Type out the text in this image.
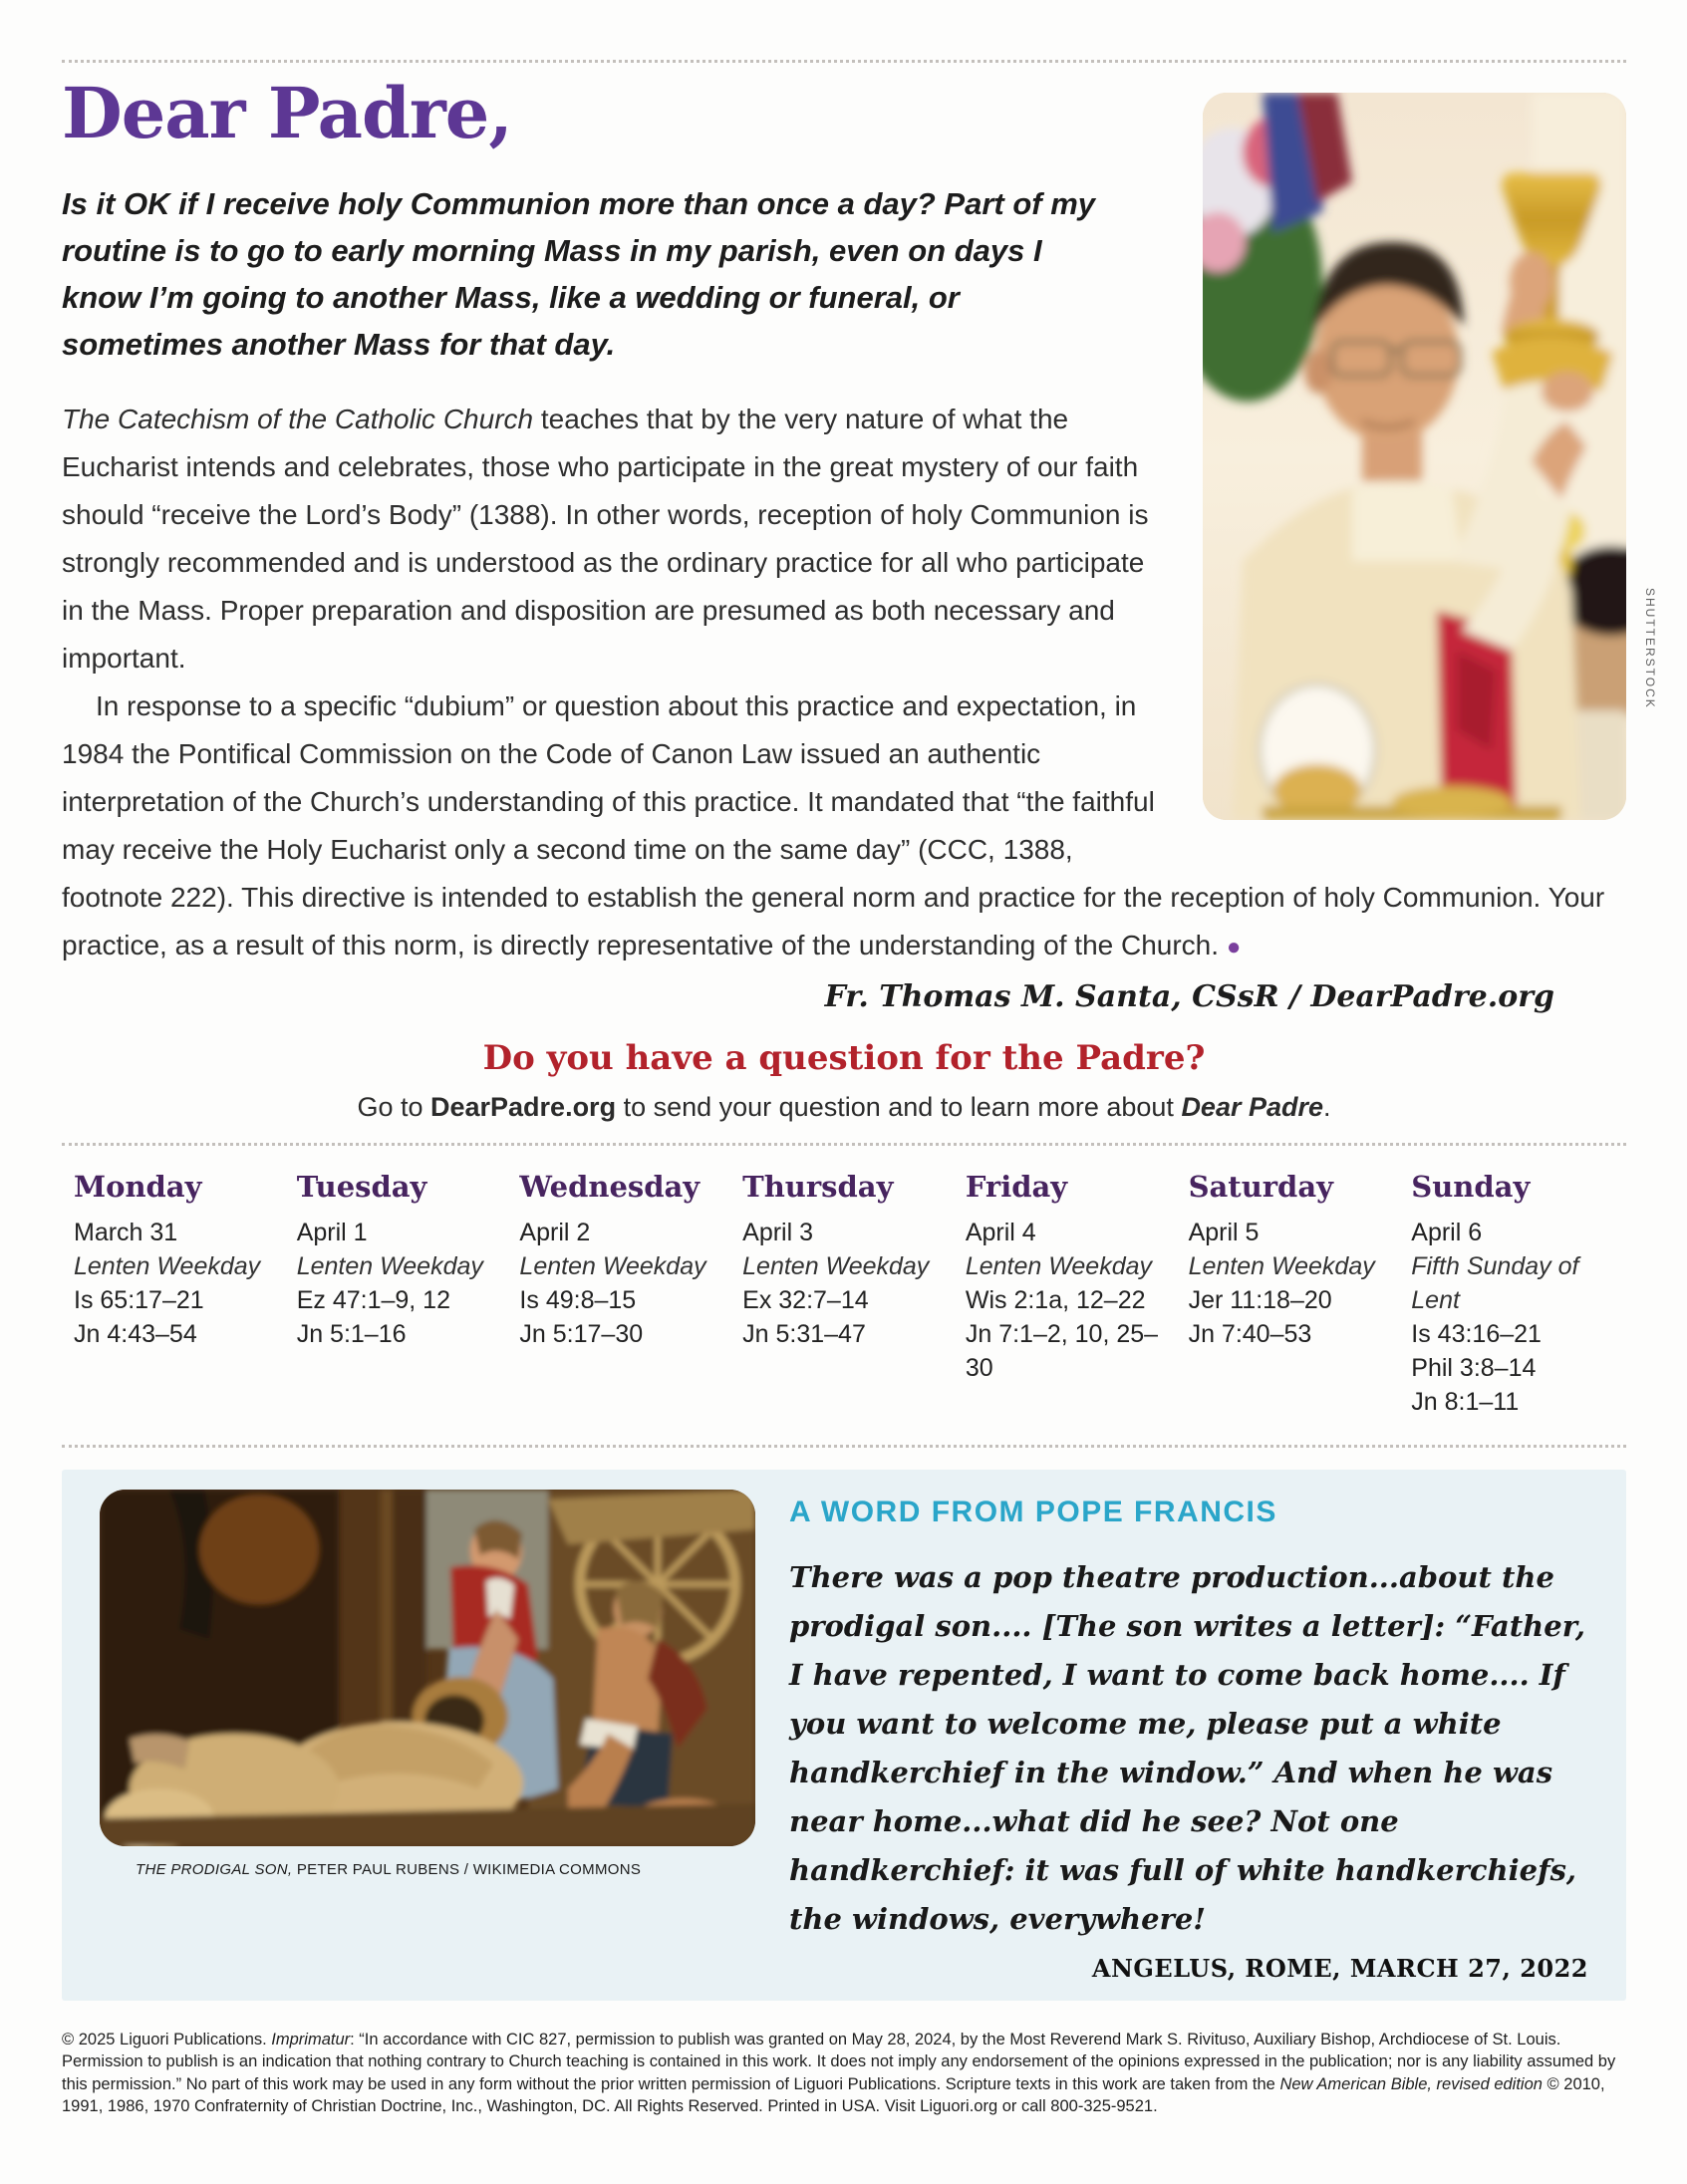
Dear Padre,
Is it OK if I receive holy Communion more than once a day? Part of my routine is to go to early morning Mass in my parish, even on days I know I’m going to another Mass, like a wedding or funeral, or sometimes another Mass for that day.

The Catechism of the Catholic Church teaches that by the very nature of what the Eucharist intends and celebrates, those who participate in the great mystery of our faith should “receive the Lord’s Body” (1388). In other words, reception of holy Communion is strongly recommended and is understood as the ordinary practice for all who participate in the Mass. Proper preparation and disposition are presumed as both necessary and important.

In response to a specific “dubium” or question about this practice and expectation, in 1984 the Pontifical Commission on the Code of Canon Law issued an authentic interpretation of the Church’s understanding of this practice. It mandated that “the faithful may receive the Holy Eucharist only a second time on the same day” (CCC, 1388, footnote 222). This directive is intended to establish the general norm and practice for the reception of holy Communion. Your practice, as a result of this norm, is directly representative of the understanding of the Church. ●

Fr. Thomas M. Santa, CSsR / DearPadre.org
Do you have a question for the Padre?
Go to DearPadre.org to send your question and to learn more about Dear Padre.
Monday
March 31
Lenten Weekday
Is 65:17–21
Jn 4:43–54
Tuesday
April 1
Lenten Weekday
Ez 47:1–9, 12
Jn 5:1–16
Wednesday
April 2
Lenten Weekday
Is 49:8–15
Jn 5:17–30
Thursday
April 3
Lenten Weekday
Ex 32:7–14
Jn 5:31–47
Friday
April 4
Lenten Weekday
Wis 2:1a, 12–22
Jn 7:1–2, 10, 25–30
Saturday
April 5
Lenten Weekday
Jer 11:18–20
Jn 7:40–53
Sunday
April 6
Fifth Sunday of Lent
Is 43:16–21
Phil 3:8–14
Jn 8:1–11
THE PRODIGAL SON, PETER PAUL RUBENS / WIKIMEDIA COMMONS
A WORD FROM POPE FRANCIS
There was a pop theatre production...about the prodigal son.... [The son writes a letter]: “Father, I have repented, I want to come back home.... If you want to welcome me, please put a white handkerchief in the window.” And when he was near home...what did he see? Not one handkerchief: it was full of white handkerchiefs, the windows, everywhere!
ANGELUS, ROME, MARCH 27, 2022

© 2025 Liguori Publications. Imprimatur: “In accordance with CIC 827, permission to publish was granted on May 28, 2024, by the Most Reverend Mark S. Rivituso, Auxiliary Bishop, Archdiocese of St. Louis. Permission to publish is an indication that nothing contrary to Church teaching is contained in this work. It does not imply any endorsement of the opinions expressed in the publication; nor is any liability assumed by this permission.” No part of this work may be used in any form without the prior written permission of Liguori Publications. Scripture texts in this work are taken from the New American Bible, revised edition © 2010, 1991, 1986, 1970 Confraternity of Christian Doctrine, Inc., Washington, DC. All Rights Reserved. Printed in USA. Visit Liguori.org or call 800-325-9521.

SHUTTERSTOCK
